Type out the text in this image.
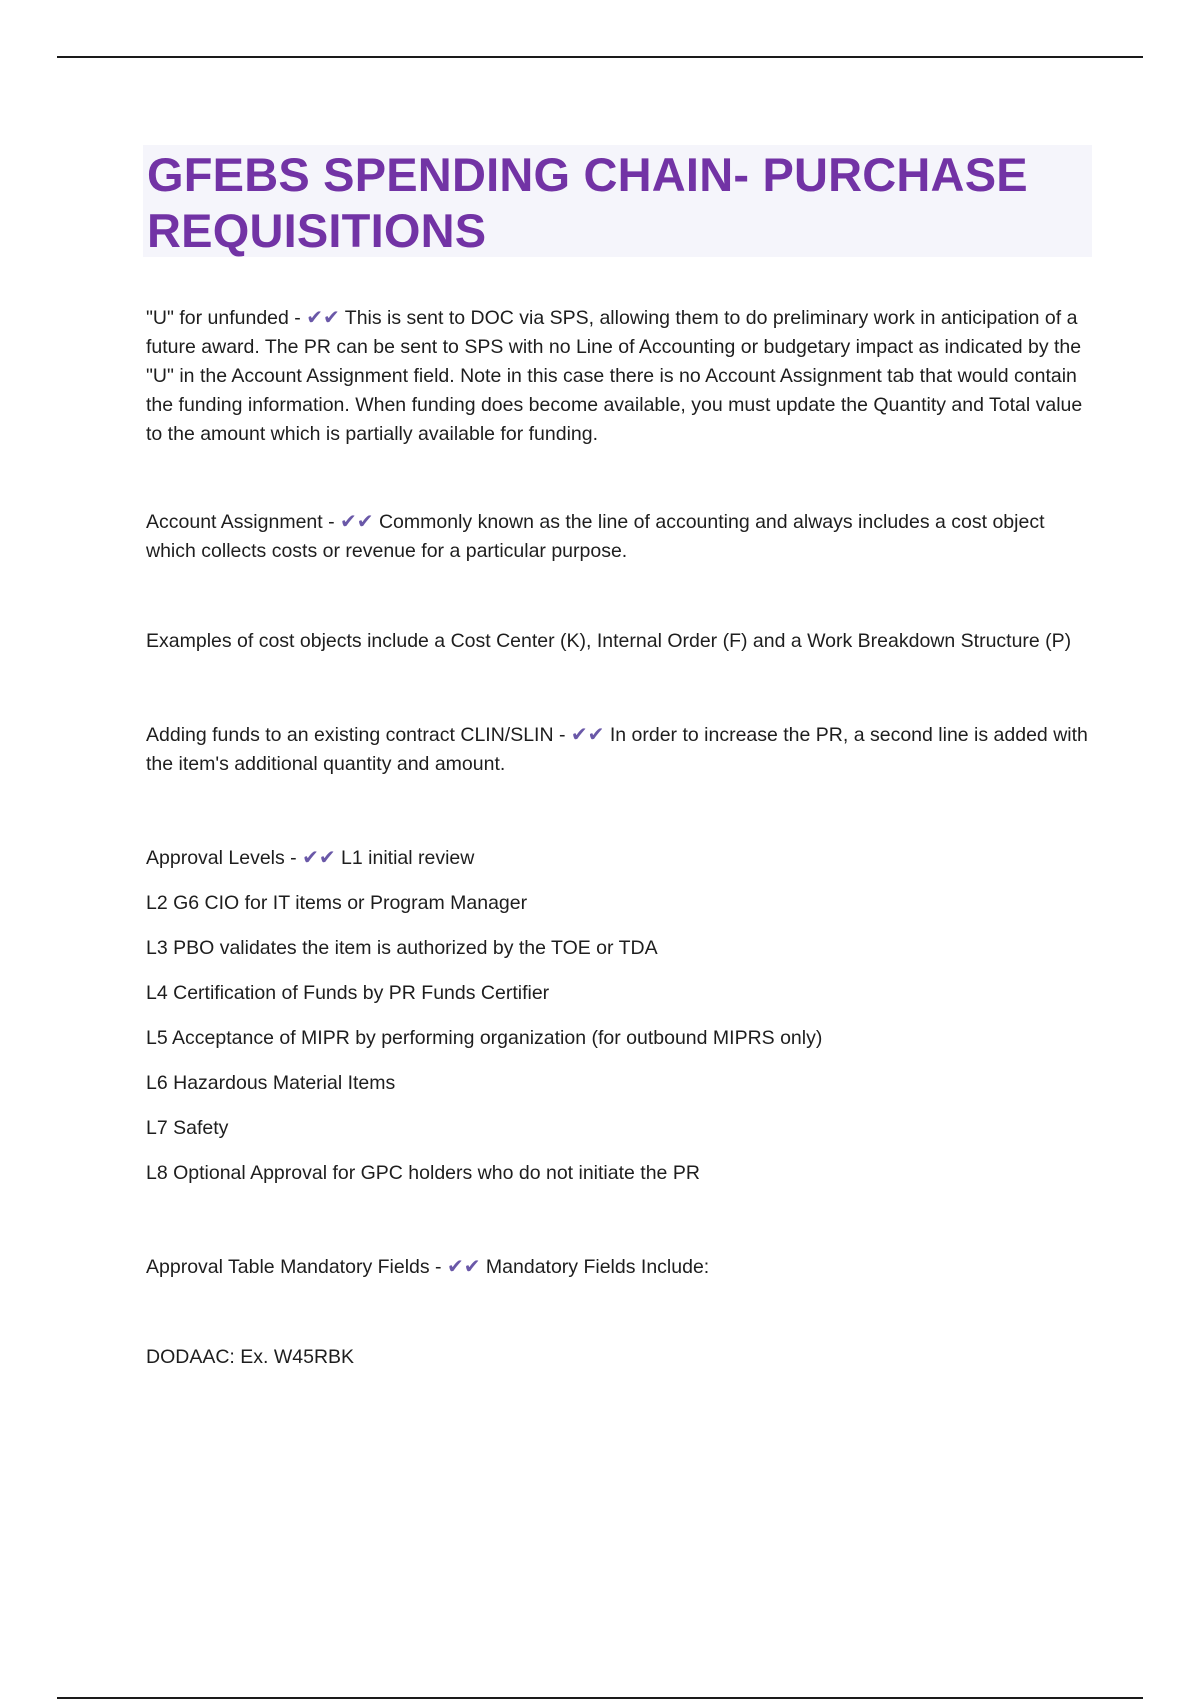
GFEBS SPENDING CHAIN- PURCHASE REQUISITIONS

"U" for unfunded - ✔✔ This is sent to DOC via SPS, allowing them to do preliminary work in anticipation of a future award. The PR can be sent to SPS with no Line of Accounting or budgetary impact as indicated by the "U" in the Account Assignment field. Note in this case there is no Account Assignment tab that would contain the funding information. When funding does become available, you must update the Quantity and Total value to the amount which is partially available for funding.

Account Assignment - ✔✔ Commonly known as the line of accounting and always includes a cost object which collects costs or revenue for a particular purpose.

Examples of cost objects include a Cost Center (K), Internal Order (F) and a Work Breakdown Structure (P)

Adding funds to an existing contract CLIN/SLIN - ✔✔ In order to increase the PR, a second line is added with the item's additional quantity and amount.

Approval Levels - ✔✔ L1 initial review

L2 G6 CIO for IT items or Program Manager

L3 PBO validates the item is authorized by the TOE or TDA

L4 Certification of Funds by PR Funds Certifier

L5 Acceptance of MIPR by performing organization (for outbound MIPRS only)

L6 Hazardous Material Items

L7 Safety

L8 Optional Approval for GPC holders who do not initiate the PR

Approval Table Mandatory Fields - ✔✔ Mandatory Fields Include:

DODAAC: Ex. W45RBK
